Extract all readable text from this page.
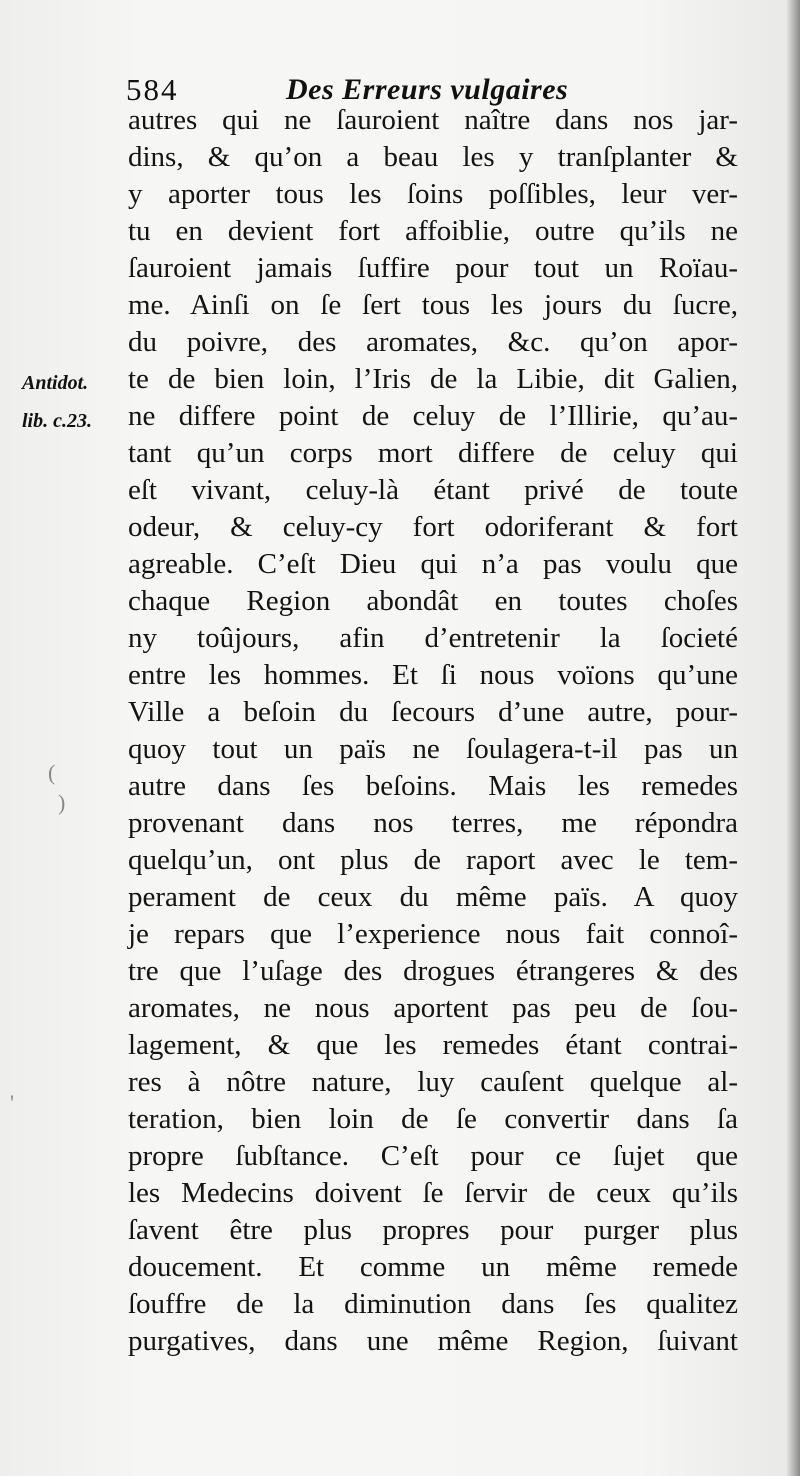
584	Des Erreurs vulgaires
Antidot.
lib. c.23.
autres qui ne ſauroient naître dans nos jar-
dins, & qu’on a beau les y tranſplanter &
y aporter tous les ſoins poſſibles, leur ver-
tu en devient fort affoiblie, outre qu’ils ne
ſauroient jamais ſuffire pour tout un Roïau-
me. Ainſi on ſe ſert tous les jours du ſucre,
du poivre, des aromates, &c. qu’on apor-
te de bien loin, l’Iris de la Libie, dit Galien,
ne differe point de celuy de l’Illirie, qu’au-
tant qu’un corps mort differe de celuy qui
eſt vivant, celuy-là étant privé de toute
odeur, & celuy-cy fort odoriferant & fort
agreable. C’eſt Dieu qui n’a pas voulu que
chaque Region abondât en toutes choſes
ny toûjours, afin d’entretenir la ſocieté
entre les hommes. Et ſi nous voïons qu’une
Ville a beſoin du ſecours d’une autre, pour-
quoy tout un païs ne ſoulagera-t-il pas un
autre dans ſes beſoins. Mais les remedes
provenant dans nos terres, me répondra
quelqu’un, ont plus de raport avec le tem-
perament de ceux du même païs. A quoy
je repars que l’experience nous fait connoî-
tre que l’uſage des drogues étrangeres & des
aromates, ne nous aportent pas peu de ſou-
lagement, & que les remedes étant contrai-
res à nôtre nature, luy cauſent quelque al-
teration, bien loin de ſe convertir dans ſa
propre ſubſtance. C’eſt pour ce ſujet que
les Medecins doivent ſe ſervir de ceux qu’ils
ſavent être plus propres pour purger plus
doucement. Et comme un même remede
ſouffre de la diminution dans ſes qualitez
purgatives, dans une même Region, ſuivant
(
)
'
